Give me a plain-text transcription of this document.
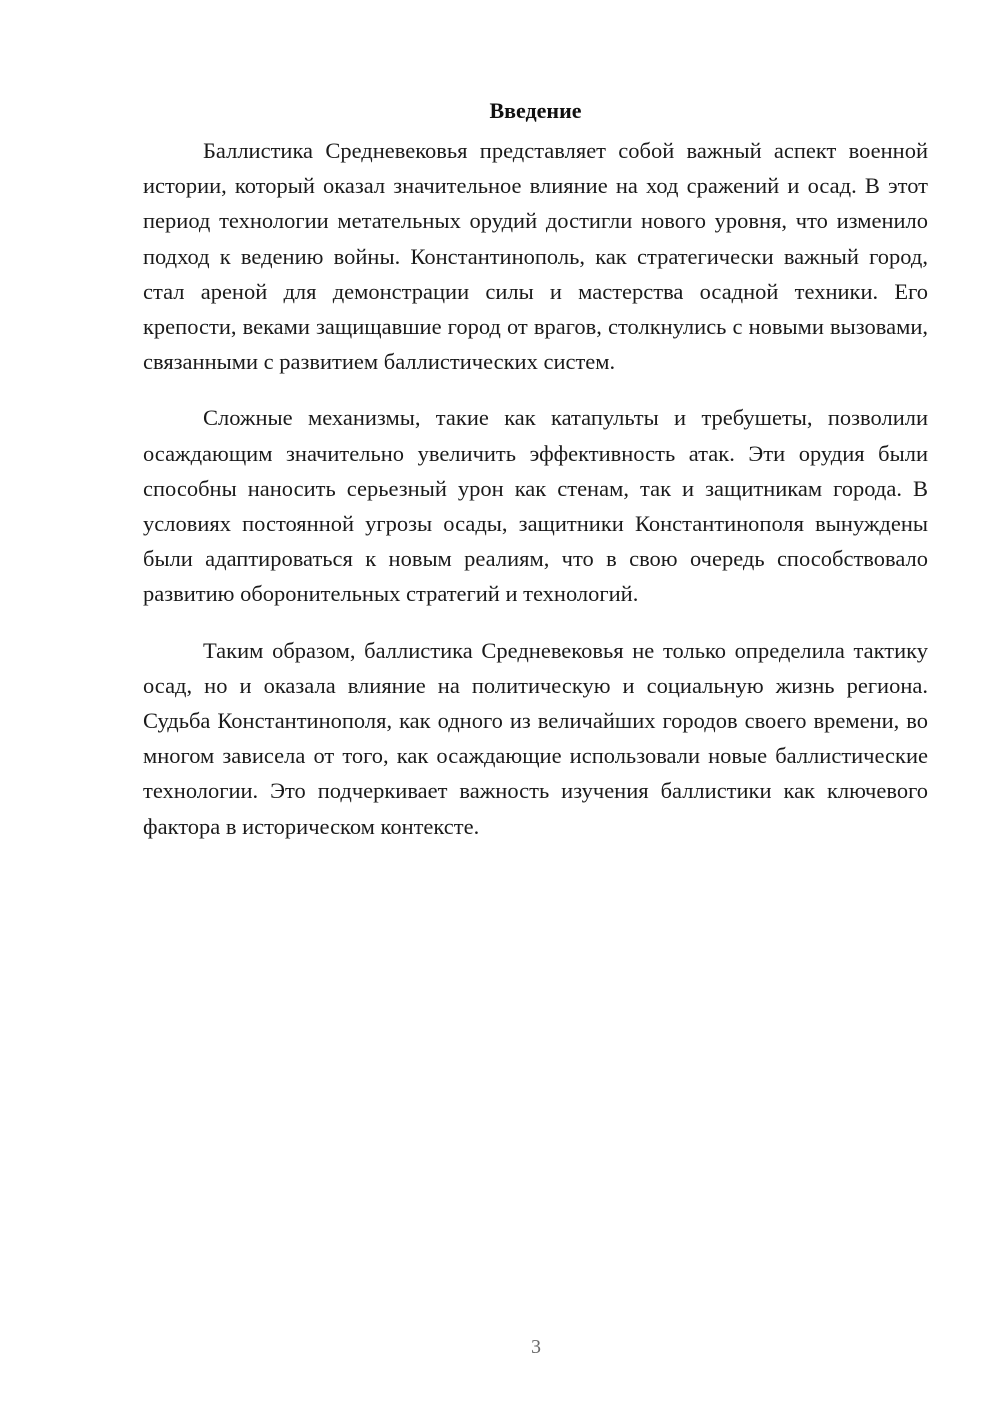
Введение

Баллистика Средневековья представляет собой важный аспект военной истории, который оказал значительное влияние на ход сражений и осад. В этот период технологии метательных орудий достигли нового уровня, что изменило подход к ведению войны. Константинополь, как стратегически важный город, стал ареной для демонстрации силы и мастерства осадной техники. Его крепости, веками защищавшие город от врагов, столкнулись с новыми вызовами, связанными с развитием баллистических систем.

Сложные механизмы, такие как катапульты и требушеты, позволили осаждающим значительно увеличить эффективность атак. Эти орудия были способны наносить серьезный урон как стенам, так и защитникам города. В условиях постоянной угрозы осады, защитники Константинополя вынуждены были адаптироваться к новым реалиям, что в свою очередь способствовало развитию оборонительных стратегий и технологий.

Таким образом, баллистика Средневековья не только определила тактику осад, но и оказала влияние на политическую и социальную жизнь региона. Судьба Константинополя, как одного из величайших городов своего времени, во многом зависела от того, как осаждающие использовали новые баллистические технологии. Это подчеркивает важность изучения баллистики как ключевого фактора в историческом контексте.

3
